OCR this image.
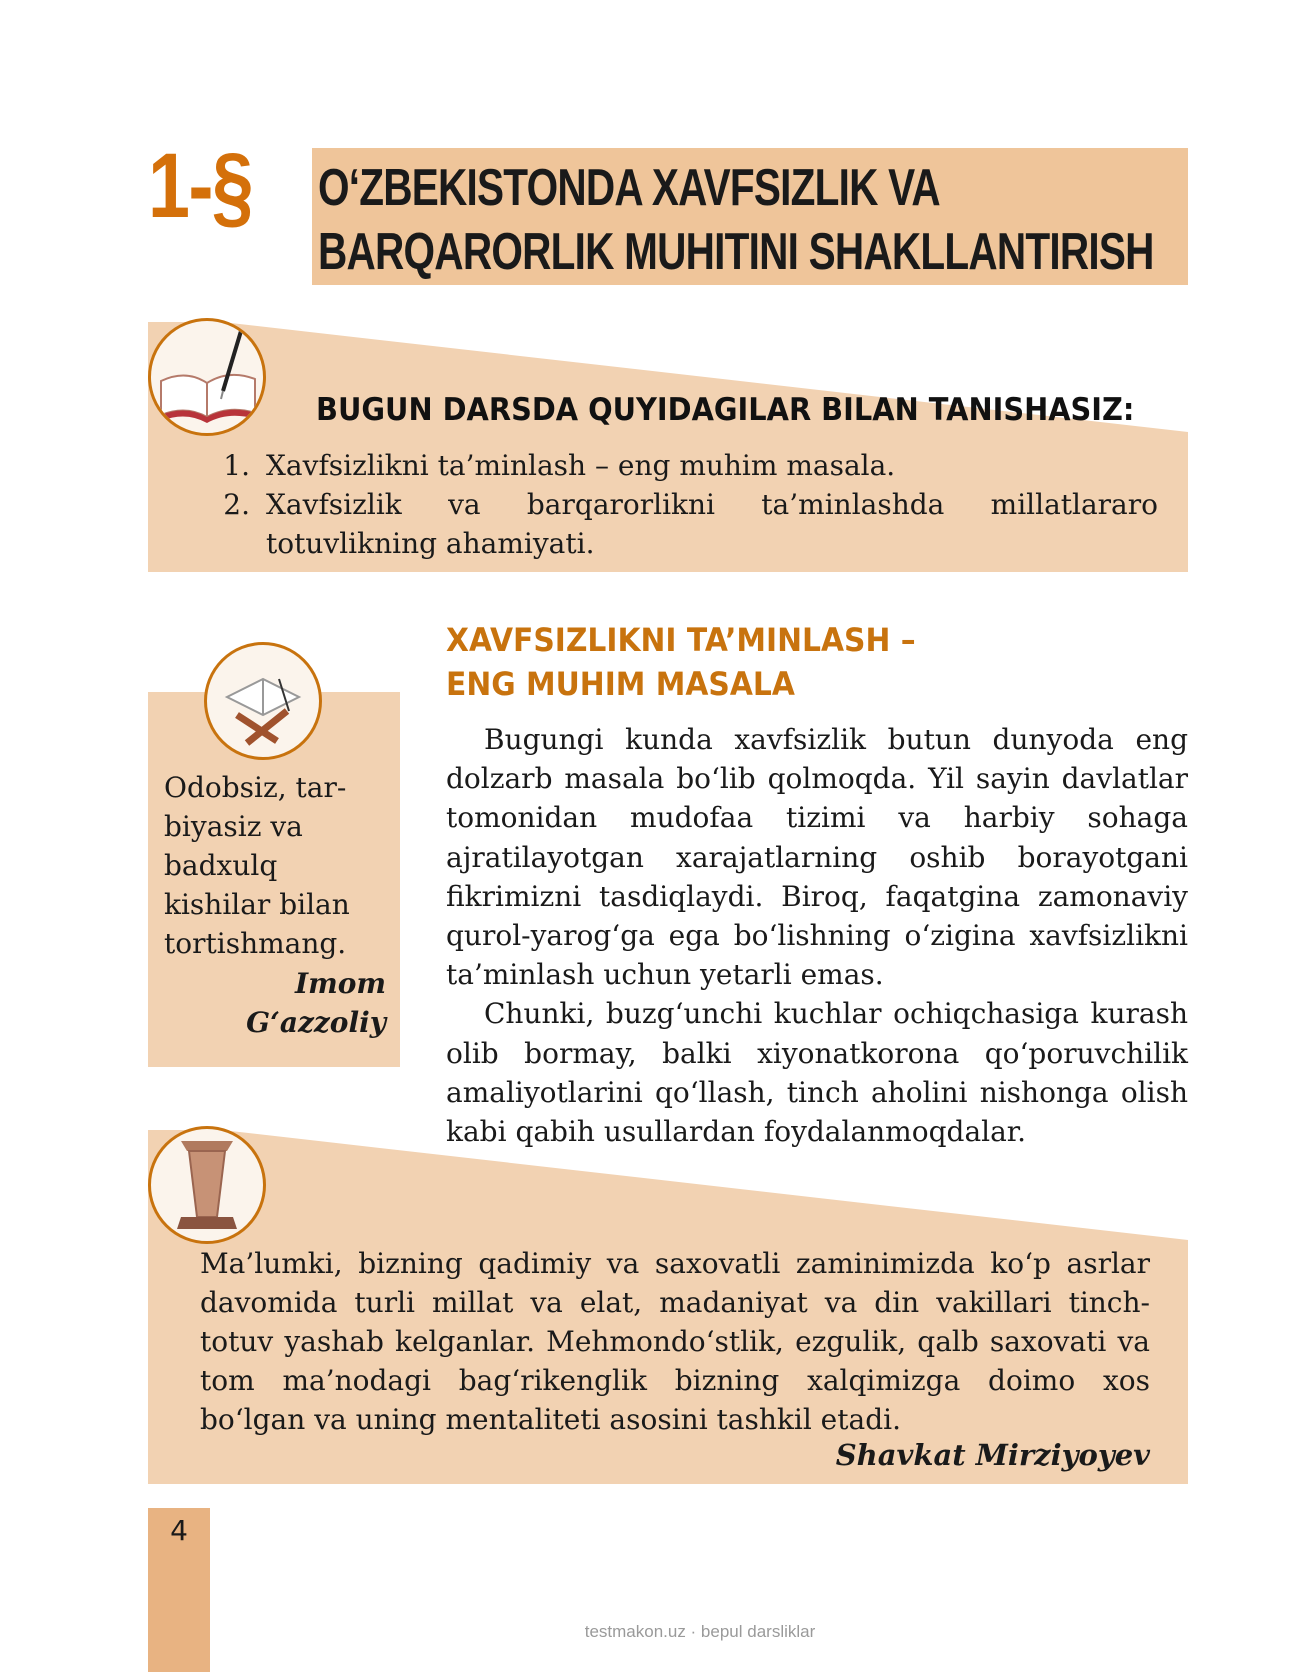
1-§ O‘ZBEKISTONDA XAVFSIZLIK VA
BARQARORLIK MUHITINI SHAKLLANTIRISH
BUGUN DARSDA QUYIDAGILAR BILAN TANISHASIZ:
1. Xavfsizlikni ta’minlash – eng muhim masala.
2. Xavfsizlik va barqarorlikni ta’minlashda millatlararo totuvlikning ahamiyati.
Odobsiz, tar-biyasiz va badxulq kishilar bilan tortishmang.
Imom
G‘azzoliy
XAVFSIZLIKNI TA’MINLASH –
ENG MUHIM MASALA

Bugungi kunda xavfsizlik butun dunyoda eng dolzarb masala bo‘lib qolmoqda. Yil sayin davlatlar tomonidan mudofaa tizimi va harbiy sohaga ajratilayotgan xarajatlarning oshib borayotgani fikrimizni tasdiqlaydi. Biroq, faqatgina zamonaviy qurol-yarog‘ga ega bo‘lishning o‘zigina xavfsizlikni ta’minlash uchun yetarli emas.

Chunki, buzg‘unchi kuchlar ochiqchasiga kurash olib bormay, balki xiyonatkorona qo‘poruvchilik amaliyotlarini qo‘llash, tinch aholini nishonga olish kabi qabih usullardan foydalanmoqdalar.

Ma’lumki, bizning qadimiy va saxovatli zaminimizda ko‘p asrlar davomida turli millat va elat, madaniyat va din vakillari tinch-totuv yashab kelganlar. Mehmondo‘stlik, ezgulik, qalb saxovati va tom ma’nodagi bag‘rikenglik bizning xalqimizga doimo xos bo‘lgan va uning mentaliteti asosini tashkil etadi.
Shavkat Mirziyoyev
4
testmakon.uz · bepul darsliklar
